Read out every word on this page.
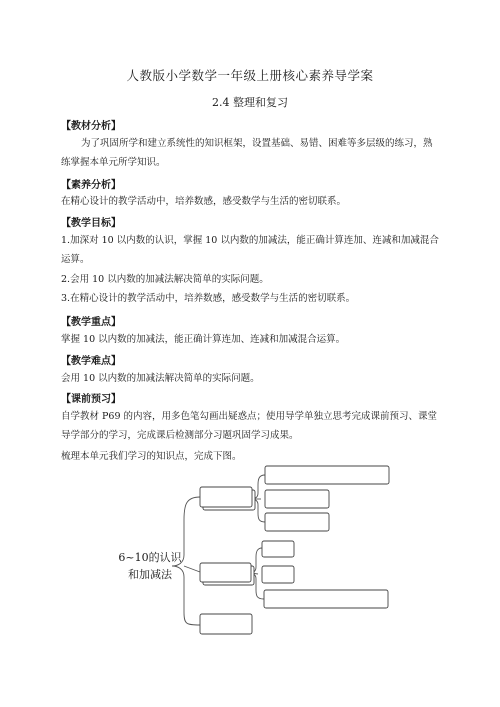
人教版小学数学一年级上册核心素养导学案
2.4 整理和复习
【教材分析】
为了巩固所学和建立系统性的知识框架，设置基础、易错、困难等多层级的练习，熟练掌握本单元所学知识。
【素养分析】
在精心设计的教学活动中，培养数感，感受数学与生活的密切联系。
【教学目标】
1.加深对 10 以内数的认识，掌握 10 以内数的加减法，能正确计算连加、连减和加减混合运算。
2.会用 10 以内数的加减法解决简单的实际问题。
3.在精心设计的教学活动中，培养数感，感受数学与生活的密切联系。
【教学重点】
掌握 10 以内数的加减法，能正确计算连加、连减和加减混合运算。
【教学难点】
会用 10 以内数的加减法解决简单的实际问题。
【课前预习】
自学教材 P69 的内容，用多色笔勾画出疑惑点；使用导学单独立思考完成课前预习、课堂导学部分的学习，完成课后检测部分习题巩固学习成果。
梳理本单元我们学习的知识点，完成下图。
6~10的认识
和加减法
